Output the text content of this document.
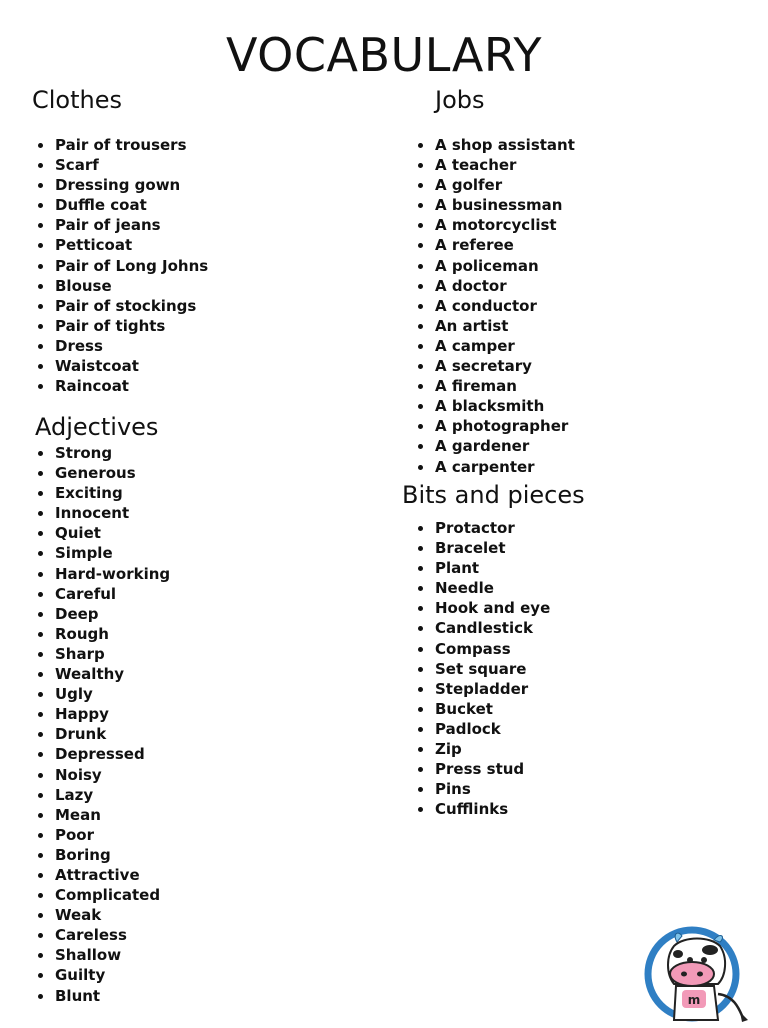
VOCABULARY
Clothes
Pair of trousers
Scarf
Dressing gown
Duffle coat
Pair of jeans
Petticoat
Pair of Long Johns
Blouse
Pair of stockings
Pair of tights
Dress
Waistcoat
Raincoat
Adjectives
Strong
Generous
Exciting
Innocent
Quiet
Simple
Hard-working
Careful
Deep
Rough
Sharp
Wealthy
Ugly
Happy
Drunk
Depressed
Noisy
Lazy
Mean
Poor
Boring
Attractive
Complicated
Weak
Careless
Shallow
Guilty
Blunt
Jobs
A shop assistant
A teacher
A golfer
A businessman
A motorcyclist
A referee
A policeman
A doctor
A conductor
An artist
A camper
A secretary
A fireman
A blacksmith
A photographer
A gardener
A carpenter
Bits and pieces
Protactor
Bracelet
Plant
Needle
Hook and eye
Candlestick
Compass
Set square
Stepladder
Bucket
Padlock
Zip
Press stud
Pins
Cufflinks
m
